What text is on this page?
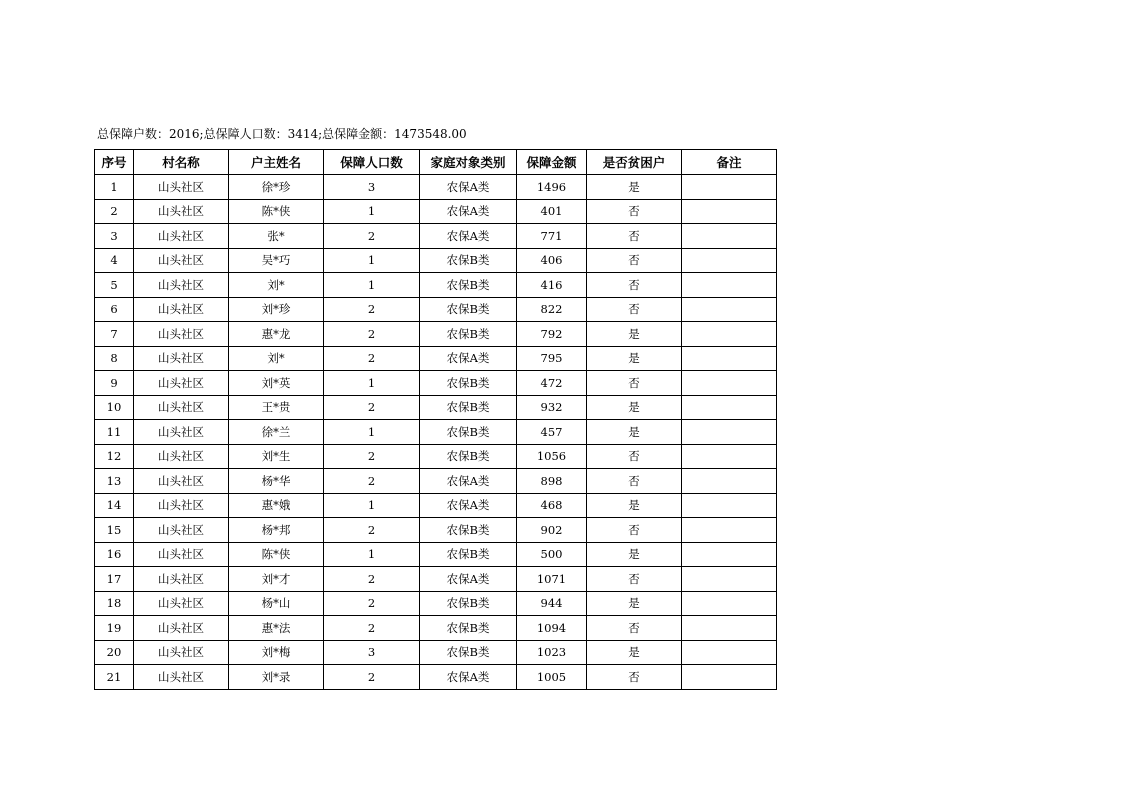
总保障户数：2016;总保障人口数：3414;总保障金额：1473548.00
序号	村名称	户主姓名	保障人口数	家庭对象类别	保障金额	是否贫困户	备注
1	山头社区	徐*珍	3	农保A类	1496	是	
2	山头社区	陈*侠	1	农保A类	401	否	
3	山头社区	张*	2	农保A类	771	否	
4	山头社区	吴*巧	1	农保B类	406	否	
5	山头社区	刘*	1	农保B类	416	否	
6	山头社区	刘*珍	2	农保B类	822	否	
7	山头社区	惠*龙	2	农保B类	792	是	
8	山头社区	刘*	2	农保A类	795	是	
9	山头社区	刘*英	1	农保B类	472	否	
10	山头社区	王*贵	2	农保B类	932	是	
11	山头社区	徐*兰	1	农保B类	457	是	
12	山头社区	刘*生	2	农保B类	1056	否	
13	山头社区	杨*华	2	农保A类	898	否	
14	山头社区	惠*娥	1	农保A类	468	是	
15	山头社区	杨*邦	2	农保B类	902	否	
16	山头社区	陈*侠	1	农保B类	500	是	
17	山头社区	刘*才	2	农保A类	1071	否	
18	山头社区	杨*山	2	农保B类	944	是	
19	山头社区	惠*法	2	农保B类	1094	否	
20	山头社区	刘*梅	3	农保B类	1023	是	
21	山头社区	刘*录	2	农保A类	1005	否	
